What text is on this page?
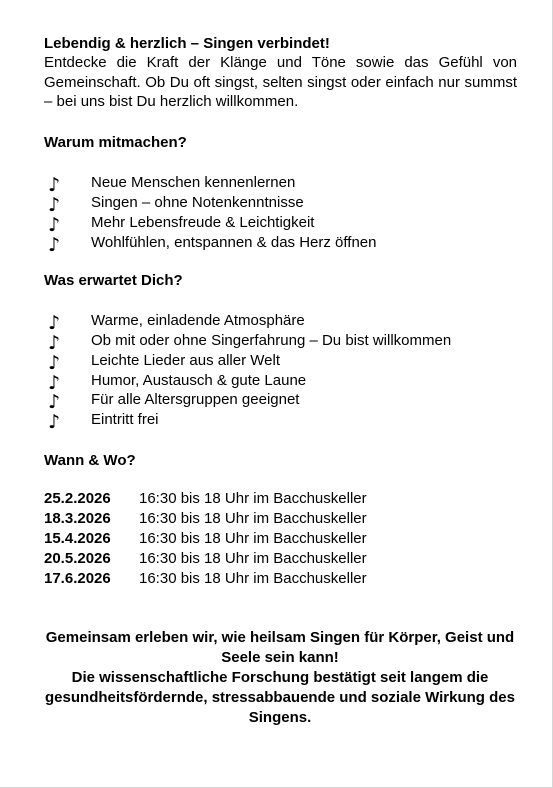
Lebendig & herzlich – Singen verbindet!

Entdecke die Kraft der Klänge und Töne sowie das Gefühl von Gemeinschaft. Ob Du oft singst, selten singst oder einfach nur summst – bei uns bist Du herzlich willkommen.

Warum mitmachen?

♪ Neue Menschen kennenlernen
♪ Singen – ohne Notenkenntnisse
♪ Mehr Lebensfreude & Leichtigkeit
♪ Wohlfühlen, entspannen & das Herz öffnen

Was erwartet Dich?

♪ Warme, einladende Atmosphäre
♪ Ob mit oder ohne Singerfahrung – Du bist willkommen
♪ Leichte Lieder aus aller Welt
♪ Humor, Austausch & gute Laune
♪ Für alle Altersgruppen geeignet
♪ Eintritt frei

Wann & Wo?

25.2.2026 16:30 bis 18 Uhr im Bacchuskeller
18.3.2026 16:30 bis 18 Uhr im Bacchuskeller
15.4.2026 16:30 bis 18 Uhr im Bacchuskeller
20.5.2026 16:30 bis 18 Uhr im Bacchuskeller
17.6.2026 16:30 bis 18 Uhr im Bacchuskeller

Gemeinsam erleben wir, wie heilsam Singen für Körper, Geist und Seele sein kann!

Die wissenschaftliche Forschung bestätigt seit langem die gesundheitsfördernde, stressabbauende und soziale Wirkung des Singens.
